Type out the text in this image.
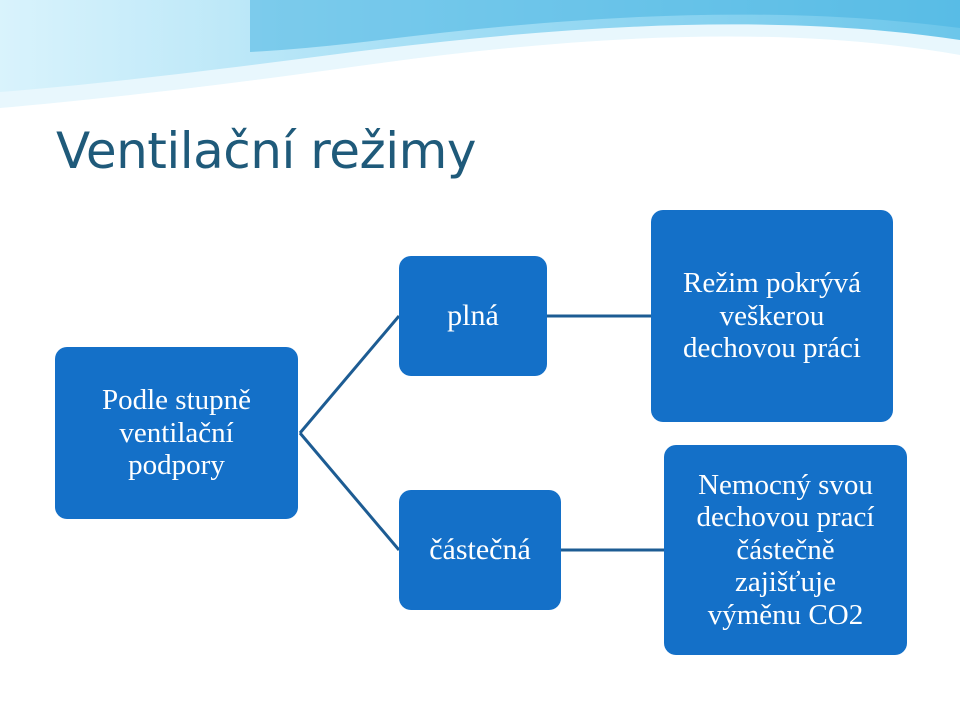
Ventilační režimy
Podle stupně
ventilační
podpory
plná
částečná
Režim pokrývá
veškerou
dechovou práci
Nemocný svou
dechovou prací
částečně
zajišťuje
výměnu CO2
